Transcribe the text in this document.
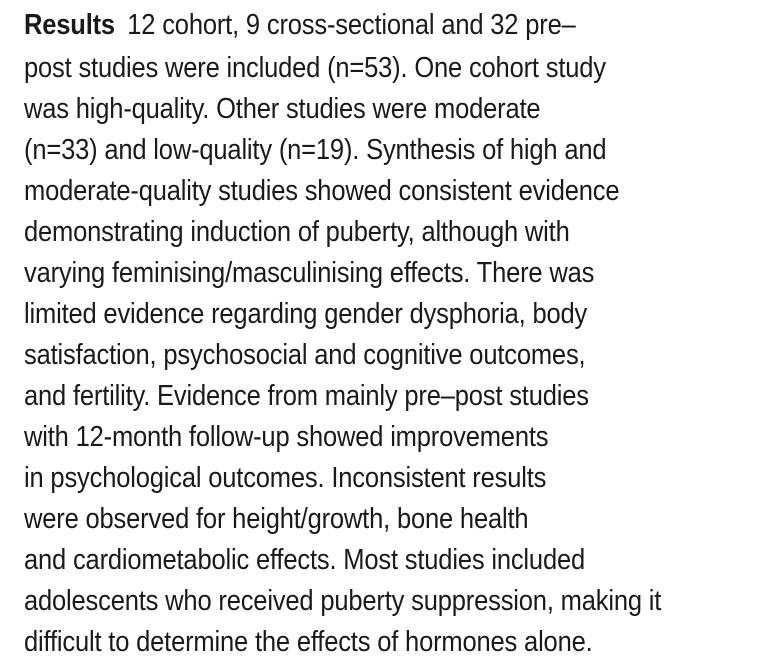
Results 12 cohort, 9 cross-sectional and 32 pre–
post studies were included (n=53). One cohort study
was high-quality. Other studies were moderate
(n=33) and low-quality (n=19). Synthesis of high and
moderate-quality studies showed consistent evidence
demonstrating induction of puberty, although with
varying feminising/masculinising effects. There was
limited evidence regarding gender dysphoria, body
satisfaction, psychosocial and cognitive outcomes,
and fertility. Evidence from mainly pre–post studies
with 12-month follow-up showed improvements
in psychological outcomes. Inconsistent results
were observed for height/growth, bone health
and cardiometabolic effects. Most studies included
adolescents who received puberty suppression, making it
difficult to determine the effects of hormones alone.
